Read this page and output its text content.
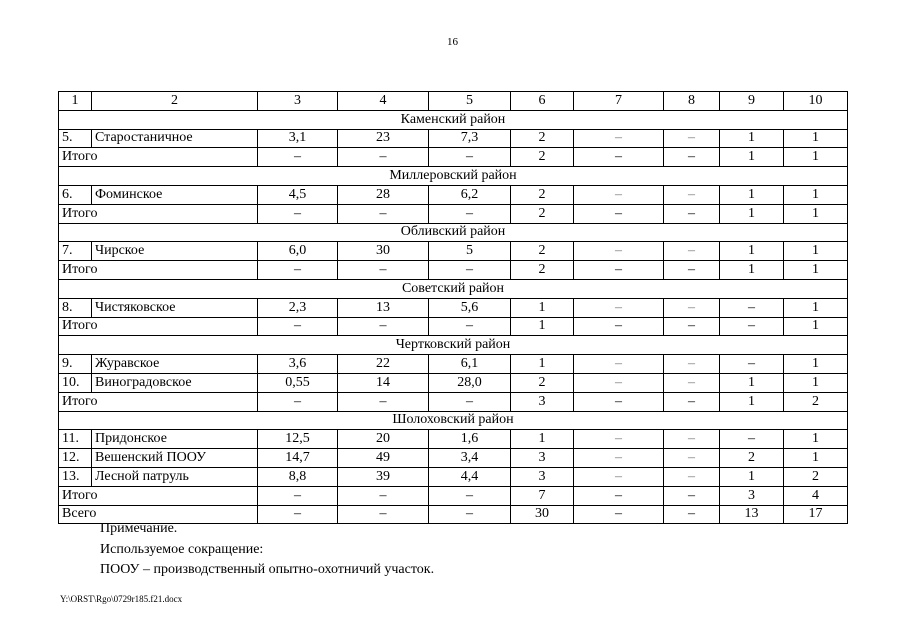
16
1	2	3	4	5	6	7	8	9	10
Каменский район									
5.	Старостаничное	3,1	23	7,3	2	–	–	1	1
Итого		–	–	–	2	–	–	1	1
Миллеровский район									
6.	Фоминское	4,5	28	6,2	2	–	–	1	1
Итого		–	–	–	2	–	–	1	1
Обливский район									
7.	Чирское	6,0	30	5	2	–	–	1	1
Итого		–	–	–	2	–	–	1	1
Советский район									
8.	Чистяковское	2,3	13	5,6	1	–	–	–	1
Итого		–	–	–	1	–	–	–	1
Чертковский район									
9.	Журавское	3,6	22	6,1	1	–	–	–	1
10.	Виноградовское	0,55	14	28,0	2	–	–	1	1
Итого		–	–	–	3	–	–	1	2
Шолоховский район									
11.	Придонское	12,5	20	1,6	1	–	–	–	1
12.	Вешенский ПООУ	14,7	49	3,4	3	–	–	2	1
13.	Лесной патруль	8,8	39	4,4	3	–	–	1	2
Итого		–	–	–	7	–	–	3	4
Всего		–	–	–	30	–	–	13	17
Примечание.
Используемое сокращение:
ПООУ – производственный опытно-охотничий участок.
Y:\ORST\Rgo\0729r185.f21.docx
